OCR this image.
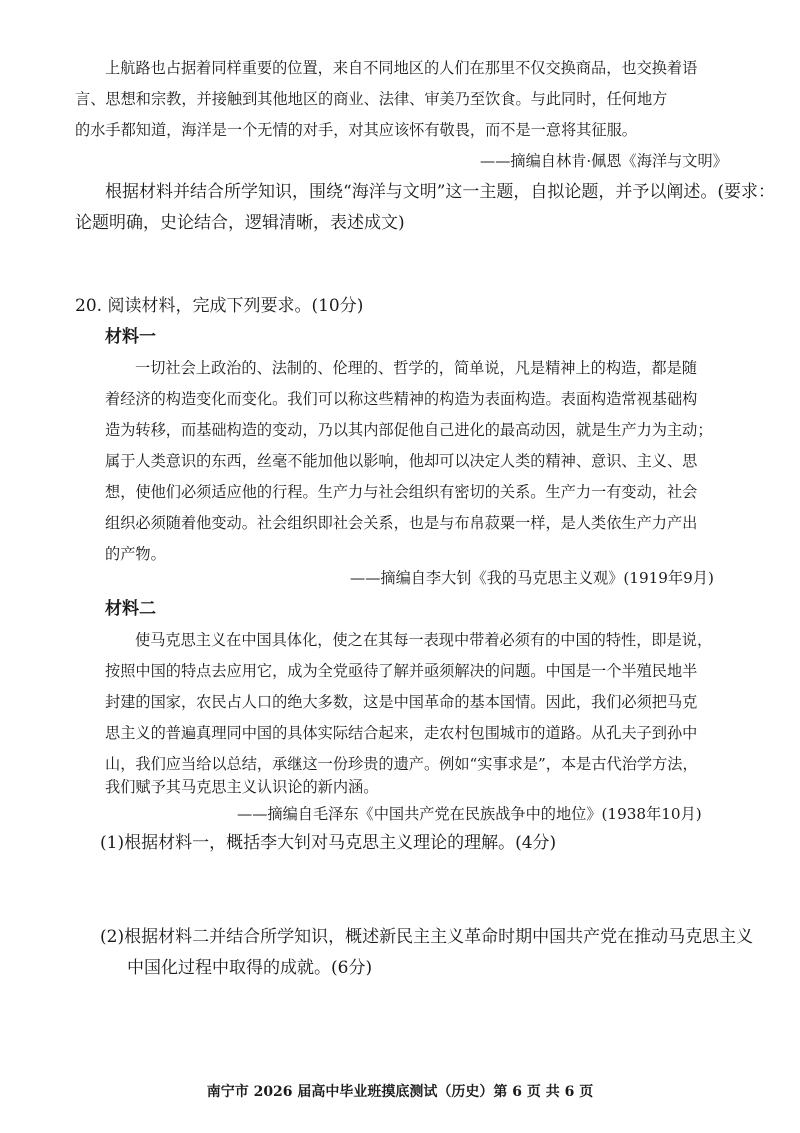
上航路也占据着同样重要的位置，来自不同地区的人们在那里不仅交换商品，也交换着语
言、思想和宗教，并接触到其他地区的商业、法律、审美乃至饮食。与此同时，任何地方
的水手都知道，海洋是一个无情的对手，对其应该怀有敬畏，而不是一意将其征服。
——摘编自林肯·佩恩《海洋与文明》
根据材料并结合所学知识，围绕“海洋与文明”这一主题，自拟论题，并予以阐述。(要求：
论题明确，史论结合，逻辑清晰，表述成文)
20. 阅读材料，完成下列要求。(10分)
材料一
一切社会上政治的、法制的、伦理的、哲学的，简单说，凡是精神上的构造，都是随
着经济的构造变化而变化。我们可以称这些精神的构造为表面构造。表面构造常视基础构
造为转移，而基础构造的变动，乃以其内部促他自己进化的最高动因，就是生产力为主动；
属于人类意识的东西，丝毫不能加他以影响，他却可以决定人类的精神、意识、主义、思
想，使他们必须适应他的行程。生产力与社会组织有密切的关系。生产力一有变动，社会
组织必须随着他变动。社会组织即社会关系，也是与布帛菽粟一样，是人类依生产力产出
的产物。
——摘编自李大钊《我的马克思主义观》(1919年9月)
材料二
使马克思主义在中国具体化，使之在其每一表现中带着必须有的中国的特性，即是说，
按照中国的特点去应用它，成为全党亟待了解并亟须解决的问题。中国是一个半殖民地半
封建的国家，农民占人口的绝大多数，这是中国革命的基本国情。因此，我们必须把马克
思主义的普遍真理同中国的具体实际结合起来，走农村包围城市的道路。从孔夫子到孙中
山，我们应当给以总结，承继这一份珍贵的遗产。例如“实事求是”，本是古代治学方法，
我们赋予其马克思主义认识论的新内涵。
——摘编自毛泽东《中国共产党在民族战争中的地位》(1938年10月)
(1)根据材料一，概括李大钊对马克思主义理论的理解。(4分)
(2)根据材料二并结合所学知识，概述新民主主义革命时期中国共产党在推动马克思主义
中国化过程中取得的成就。(6分)
南宁市 2026 届高中毕业班摸底测试（历史）第 6 页 共 6 页
